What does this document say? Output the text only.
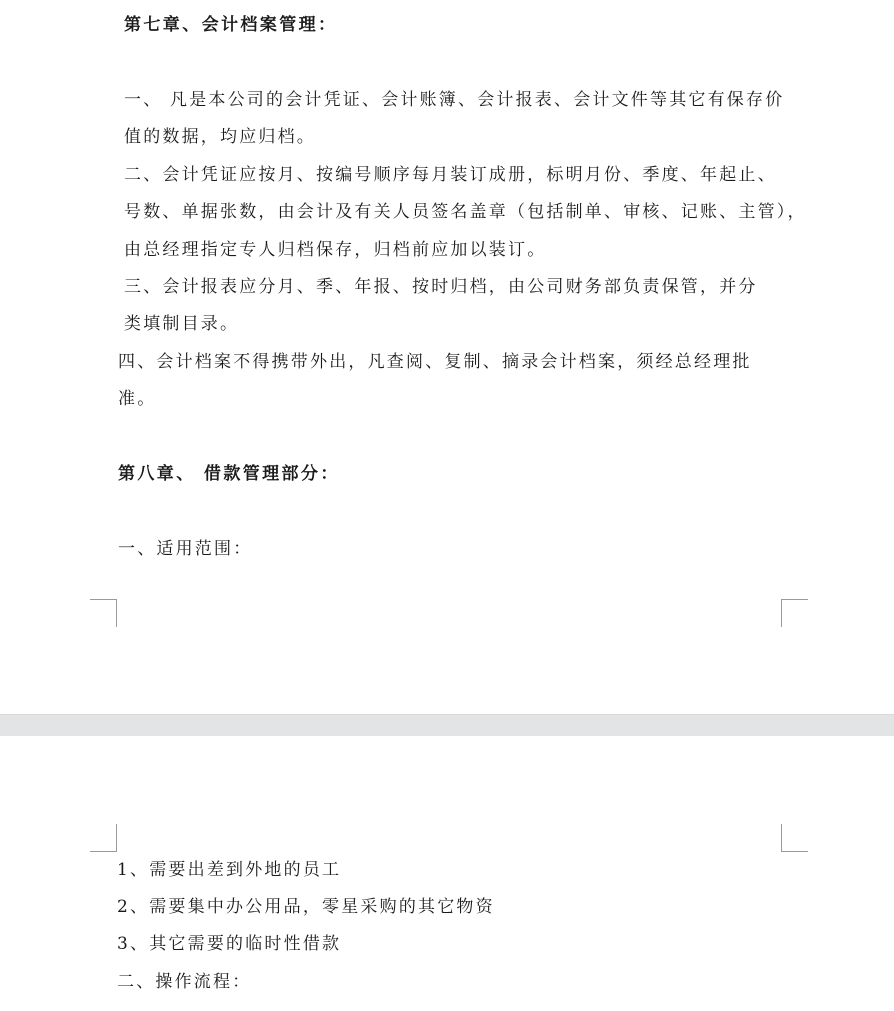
第七章、会计档案管理：
一、 凡是本公司的会计凭证、会计账簿、会计报表、会计文件等其它有保存价
值的数据，均应归档。
二、会计凭证应按月、按编号顺序每月装订成册，标明月份、季度、年起止、
号数、单据张数，由会计及有关人员签名盖章（包括制单、审核、记账、主管），
由总经理指定专人归档保存，归档前应加以装订。
三、会计报表应分月、季、年报、按时归档，由公司财务部负责保管，并分
类填制目录。
四、会计档案不得携带外出，凡查阅、复制、摘录会计档案，须经总经理批
准。
第八章、 借款管理部分：
一、适用范围：
1、需要出差到外地的员工
2、需要集中办公用品，零星采购的其它物资
3、其它需要的临时性借款
二、操作流程：
